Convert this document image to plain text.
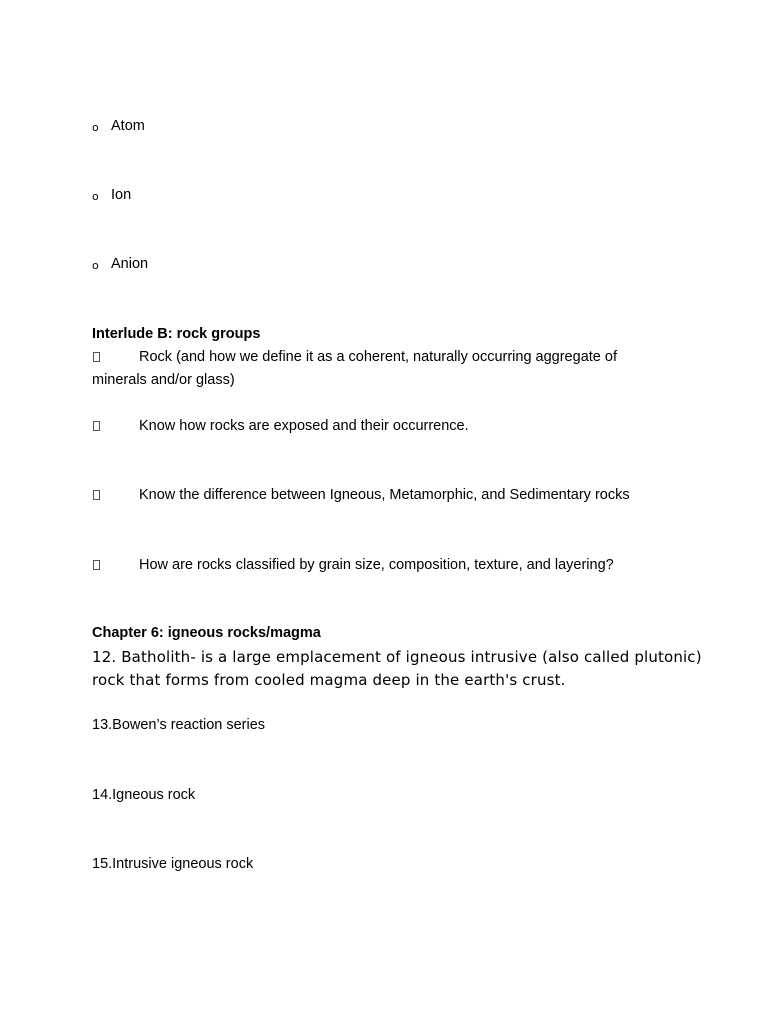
o Atom
o Ion
o Anion
Interlude B: rock groups
Rock (and how we define it as a coherent, naturally occurring aggregate of
minerals and/or glass)
Know how rocks are exposed and their occurrence.
Know the difference between Igneous, Metamorphic, and Sedimentary rocks
How are rocks classified by grain size, composition, texture, and layering?
Chapter 6: igneous rocks/magma
12. Batholith- is a large emplacement of igneous intrusive (also called plutonic)
rock that forms from cooled magma deep in the earth's crust.
13.Bowen’s reaction series
14.Igneous rock
15.Intrusive igneous rock
